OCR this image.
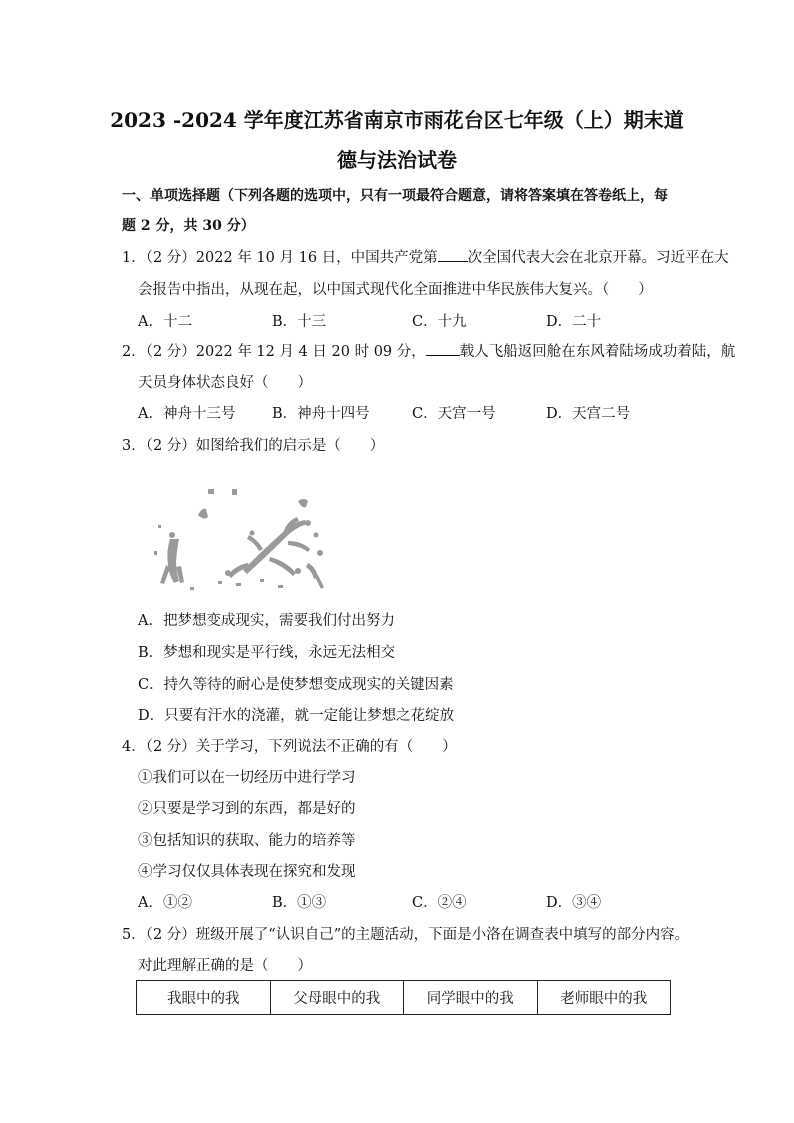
2023 -2024 学年度江苏省南京市雨花台区七年级（上）期末道
德与法治试卷
一、单项选择题（下列各题的选项中，只有一项最符合题意，请将答案填在答卷纸上，每
题 2 分，共 30 分）
1．（2 分）2022 年 10 月 16 日，中国共产党第 次全国代表大会在北京开幕。习近平在大
会报告中指出，从现在起，以中国式现代化全面推进中华民族伟大复兴。（　　）
A．十二	B．十三	C．十九	D．二十
2．（2 分）2022 年 12 月 4 日 20 时 09 分， 载人飞船返回舱在东风着陆场成功着陆，航
天员身体状态良好（　　）
A．神舟十三号	B．神舟十四号	C．天宫一号	D．天宫二号
3．（2 分）如图给我们的启示是（　　）
A．把梦想变成现实，需要我们付出努力
B．梦想和现实是平行线，永远无法相交
C．持久等待的耐心是使梦想变成现实的关键因素
D．只要有汗水的浇灌，就一定能让梦想之花绽放
4．（2 分）关于学习，下列说法不正确的有（　　）
①我们可以在一切经历中进行学习
②只要是学习到的东西，都是好的
③包括知识的获取、能力的培养等
④学习仅仅具体表现在探究和发现
A．①②	B．①③	C．②④	D．③④
5．（2 分）班级开展了“认识自己”的主题活动，下面是小洛在调查表中填写的部分内容。
对此理解正确的是（　　）
我眼中的我	父母眼中的我	同学眼中的我	老师眼中的我
